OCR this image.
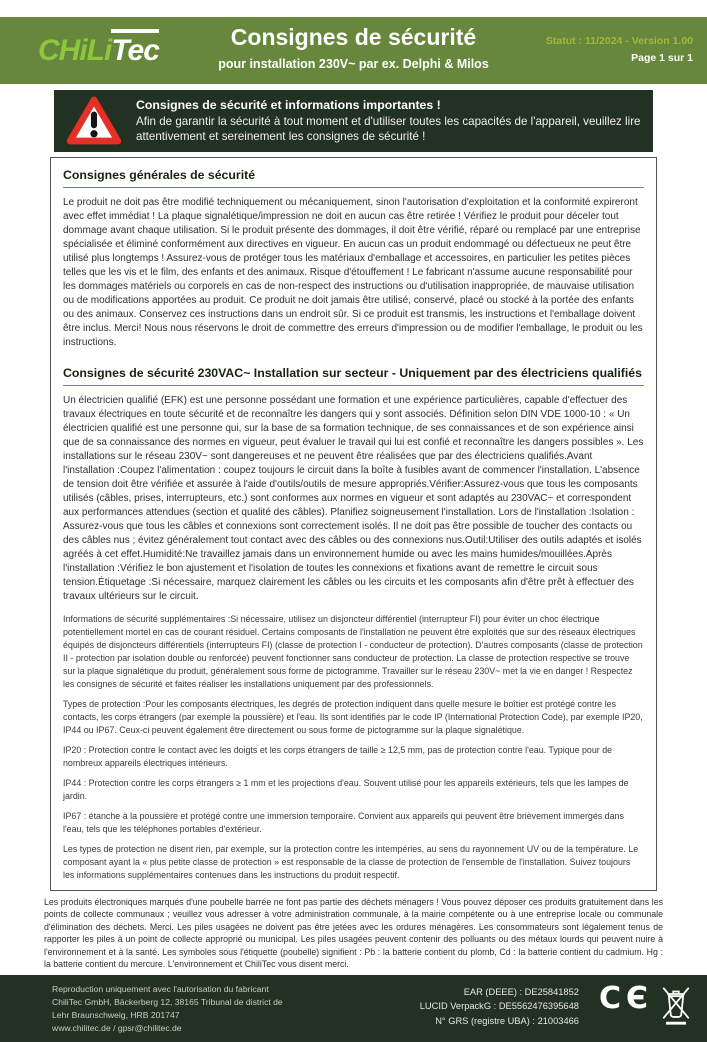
CHiLiTec	Consignes de sécurité
pour installation 230V~ par ex. Delphi & Milos
Statut : 11/2024 - Version 1.00
Page 1 sur 1
Consignes de sécurité et informations importantes !
Afin de garantir la sécurité à tout moment et d'utiliser toutes les capacités de l'appareil, veuillez lire attentivement et sereinement les consignes de sécurité !
Consignes générales de sécurité

Le produit ne doit pas être modifié techniquement ou mécaniquement, sinon l'autorisation d'exploitation et la conformité expireront avec effet immédiat ! La plaque signalétique/impression ne doit en aucun cas être retirée ! Vérifiez le produit pour déceler tout dommage avant chaque utilisation. Si le produit présente des dommages, il doit être vérifié, réparé ou remplacé par une entreprise spécialisée et éliminé conformément aux directives en vigueur. En aucun cas un produit endommagé ou défectueux ne peut être utilisé plus longtemps ! Assurez-vous de protéger tous les matériaux d'emballage et accessoires, en particulier les petites pièces telles que les vis et le film, des enfants et des animaux. Risque d'étouffement ! Le fabricant n'assume aucune responsabilité pour les dommages matériels ou corporels en cas de non-respect des instructions ou d'utilisation inappropriée, de mauvaise utilisation ou de modifications apportées au produit. Ce produit ne doit jamais être utilisé, conservé, placé ou stocké à la portée des enfants ou des animaux. Conservez ces instructions dans un endroit sûr. Si ce produit est transmis, les instructions et l'emballage doivent être inclus. Merci! Nous nous réservons le droit de commettre des erreurs d'impression ou de modifier l'emballage, le produit ou les instructions.

Consignes de sécurité 230VAC~ Installation sur secteur - Uniquement par des électriciens qualifiés

Un électricien qualifié (EFK) est une personne possédant une formation et une expérience particulières, capable d'effectuer des travaux électriques en toute sécurité et de reconnaître les dangers qui y sont associés. Définition selon DIN VDE 1000-10 : « Un électricien qualifié est une personne qui, sur la base de sa formation technique, de ses connaissances et de son expérience ainsi que de sa connaissance des normes en vigueur, peut évaluer le travail qui lui est confié et reconnaître les dangers possibles ». Les installations sur le réseau 230V~ sont dangereuses et ne peuvent être réalisées que par des électriciens qualifiés.Avant l'installation :Coupez l'alimentation : coupez toujours le circuit dans la boîte à fusibles avant de commencer l'installation. L'absence de tension doit être vérifiée et assurée à l'aide d'outils/outils de mesure appropriés.Vérifier:Assurez-vous que tous les composants utilisés (câbles, prises, interrupteurs, etc.) sont conformes aux normes en vigueur et sont adaptés au 230VAC~ et correspondent aux performances attendues (section et qualité des câbles). Planifiez soigneusement l'installation. Lors de l'installation :Isolation : Assurez-vous que tous les câbles et connexions sont correctement isolés. Il ne doit pas être possible de toucher des contacts ou des câbles nus ; évitez généralement tout contact avec des câbles ou des connexions nus.Outil:Utiliser des outils adaptés et isolés agréés à cet effet.Humidité:Ne travaillez jamais dans un environnement humide ou avec les mains humides/mouillées.Après l'installation :Vérifiez le bon ajustement et l'isolation de toutes les connexions et fixations avant de remettre le circuit sous tension.Étiquetage :Si nécessaire, marquez clairement les câbles ou les circuits et les composants afin d'être prêt à effectuer des travaux ultérieurs sur le circuit.

Informations de sécurité supplémentaires :Si nécessaire, utilisez un disjoncteur différentiel (interrupteur FI) pour éviter un choc électrique potentiellement mortel en cas de courant résiduel. Certains composants de l'installation ne peuvent être exploités que sur des réseaux électriques équipés de disjoncteurs différentiels (interrupteurs FI) (classe de protection I - conducteur de protection). D'autres composants (classe de protection II - protection par isolation double ou renforcée) peuvent fonctionner sans conducteur de protection. La classe de protection respective se trouve sur la plaque signalétique du produit, généralement sous forme de pictogramme. Travailler sur le réseau 230V~ met la vie en danger ! Respectez les consignes de sécurité et faites réaliser les installations uniquement par des professionnels.

Types de protection :Pour les composants électriques, les degrés de protection indiquent dans quelle mesure le boîtier est protégé contre les contacts, les corps étrangers (par exemple la poussière) et l'eau. Ils sont identifiés par le code IP (International Protection Code), par exemple IP20, IP44 ou IP67. Ceux-ci peuvent également être directement ou sous forme de pictogramme sur la plaque signalétique.

IP20 : Protection contre le contact avec les doigts et les corps étrangers de taille ≥ 12,5 mm, pas de protection contre l'eau. Typique pour de nombreux appareils électriques intérieurs.

IP44 : Protection contre les corps étrangers ≥ 1 mm et les projections d'eau. Souvent utilisé pour les appareils extérieurs, tels que les lampes de jardin.

IP67 : étanche à la poussière et protégé contre une immersion temporaire. Convient aux appareils qui peuvent être brièvement immergés dans l'eau, tels que les téléphones portables d'extérieur.

Les types de protection ne disent rien, par exemple, sur la protection contre les intempéries, au sens du rayonnement UV ou de la température. Le composant ayant la « plus petite classe de protection » est responsable de la classe de protection de l'ensemble de l'installation. Suivez toujours les informations supplémentaires contenues dans les instructions du produit respectif.

Les produits électroniques marqués d'une poubelle barrée ne font pas partie des déchets ménagers ! Vous pouvez déposer ces produits gratuitement dans les points de collecte communaux ; veuillez vous adresser à votre administration communale, à la mairie compétente ou à une entreprise locale ou communale d'élimination des déchets. Merci. Les piles usagées ne doivent pas être jetées avec les ordures ménagères. Les consommateurs sont légalement tenus de rapporter les piles à un point de collecte approprié ou municipal. Les piles usagées peuvent contenir des polluants ou des métaux lourds qui peuvent nuire à l'environnement et à la santé. Les symboles sous l'étiquette (poubelle) signifient : Pb : la batterie contient du plomb, Cd : la batterie contient du cadmium. Hg : la batterie contient du mercure. L'environnement et ChiliTec vous disent merci.
Reproduction uniquement avec l'autorisation du fabricant
ChiliTec GmbH, Bäckerberg 12, 38165 Tribunal de district de
Lehr Braunschweig, HRB 201747
www.chilitec.de / gpsr@chilitec.de
EAR (DEEE) : DE25841852
LUCID VerpackG : DE5562476395648
N° GRS (registre UBA) : 21003466
CЄ
